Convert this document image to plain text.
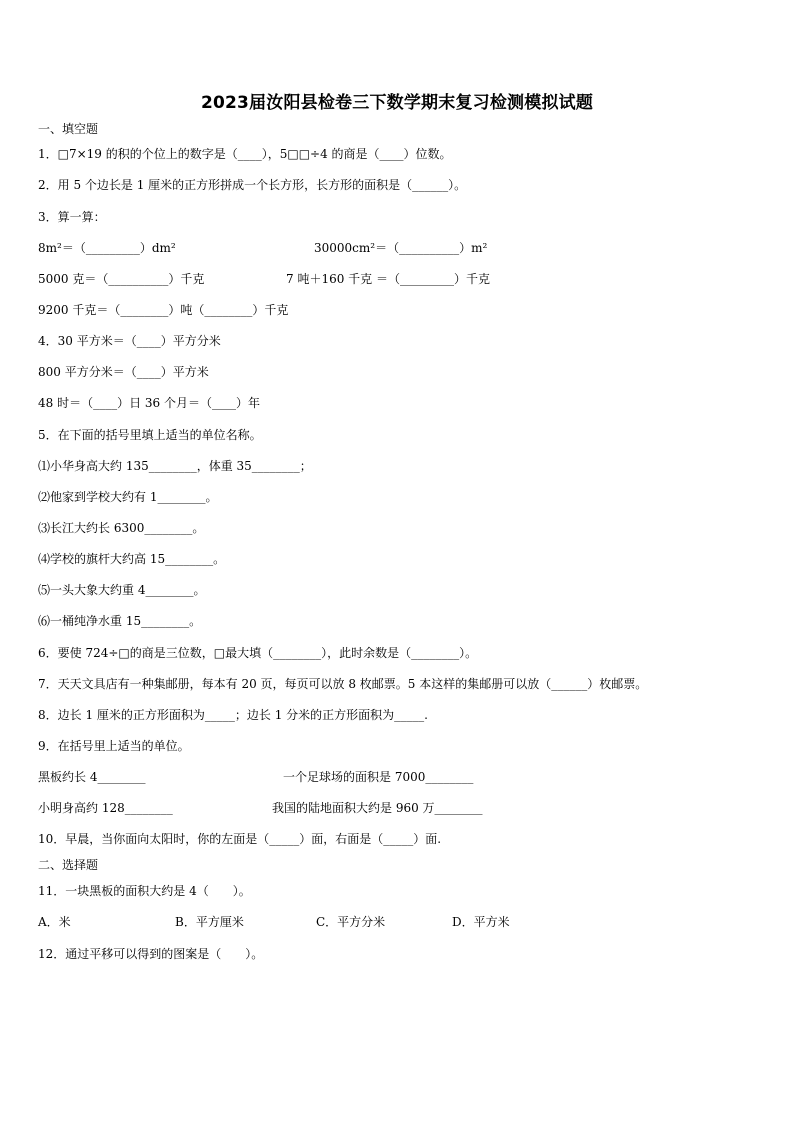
2023届汝阳县检卷三下数学期末复习检测模拟试题
一、填空题
1．□7×19 的积的个位上的数字是（____），5□□÷4 的商是（____）位数。
2．用 5 个边长是 1 厘米的正方形拼成一个长方形，长方形的面积是（______）。
3．算一算：
8m²＝（_________）dm²	30000cm²＝（__________）m²
5000 克＝（__________）千克	7 吨＋160 千克 ＝（_________）千克
9200 千克＝（________）吨（________）千克
4．30 平方米＝（____）平方分米
800 平方分米＝（____）平方米
48 时＝（____）日 36 个月＝（____）年
5．在下面的括号里填上适当的单位名称。
⑴小华身高大约 135________，体重 35________；
⑵他家到学校大约有 1________。
⑶长江大约长 6300________。
⑷学校的旗杆大约高 15________。
⑸一头大象大约重 4________。
⑹一桶纯净水重 15________。
6．要使 724÷□的商是三位数，□最大填（________），此时余数是（________）。
7．天天文具店有一种集邮册，每本有 20 页，每页可以放 8 枚邮票。5 本这样的集邮册可以放（______）枚邮票。
8．边长 1 厘米的正方形面积为_____；边长 1 分米的正方形面积为_____.
9．在括号里上适当的单位。
黑板约长 4________	一个足球场的面积是 7000________
小明身高约 128________	我国的陆地面积大约是 960 万________
10．早晨，当你面向太阳时，你的左面是（_____）面，右面是（_____）面.
二、选择题
11．一块黑板的面积大约是 4（　　）。
A．米	B．平方厘米	C．平方分米	D．平方米
12．通过平移可以得到的图案是（　　）。
